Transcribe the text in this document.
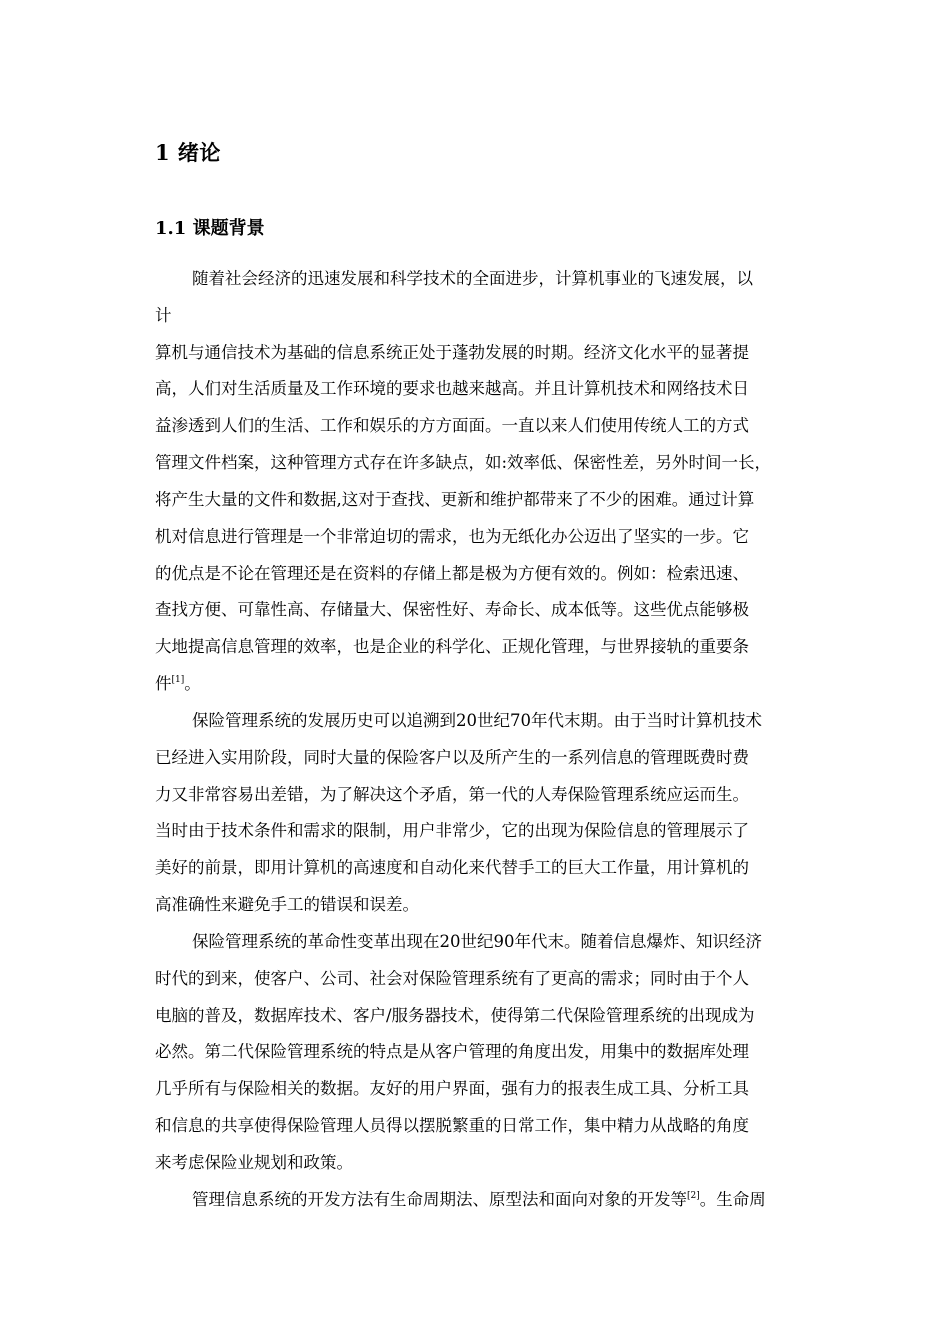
1 绪论
1.1 课题背景
随着社会经济的迅速发展和科学技术的全面进步，计算机事业的飞速发展，以
计
算机与通信技术为基础的信息系统正处于蓬勃发展的时期。经济文化水平的显著提
高，人们对生活质量及工作环境的要求也越来越高。并且计算机技术和网络技术日
益渗透到人们的生活、工作和娱乐的方方面面。一直以来人们使用传统人工的方式
管理文件档案，这种管理方式存在许多缺点，如:效率低、保密性差，另外时间一长，
将产生大量的文件和数据,这对于查找、更新和维护都带来了不少的困难。通过计算
机对信息进行管理是一个非常迫切的需求，也为无纸化办公迈出了坚实的一步。它
的优点是不论在管理还是在资料的存储上都是极为方便有效的。例如：检索迅速、
查找方便、可靠性高、存储量大、保密性好、寿命长、成本低等。这些优点能够极
大地提高信息管理的效率，也是企业的科学化、正规化管理，与世界接轨的重要条
件[1]。
保险管理系统的发展历史可以追溯到20世纪70年代末期。由于当时计算机技术
已经进入实用阶段，同时大量的保险客户以及所产生的一系列信息的管理既费时费
力又非常容易出差错，为了解决这个矛盾，第一代的人寿保险管理系统应运而生。
当时由于技术条件和需求的限制，用户非常少，它的出现为保险信息的管理展示了
美好的前景，即用计算机的高速度和自动化来代替手工的巨大工作量，用计算机的
高准确性来避免手工的错误和误差。
保险管理系统的革命性变革出现在20世纪90年代末。随着信息爆炸、知识经济
时代的到来，使客户、公司、社会对保险管理系统有了更高的需求；同时由于个人
电脑的普及，数据库技术、客户/服务器技术，使得第二代保险管理系统的出现成为
必然。第二代保险管理系统的特点是从客户管理的角度出发，用集中的数据库处理
几乎所有与保险相关的数据。友好的用户界面，强有力的报表生成工具、分析工具
和信息的共享使得保险管理人员得以摆脱繁重的日常工作，集中精力从战略的角度
来考虑保险业规划和政策。
管理信息系统的开发方法有生命周期法、原型法和面向对象的开发等[2]。生命周
